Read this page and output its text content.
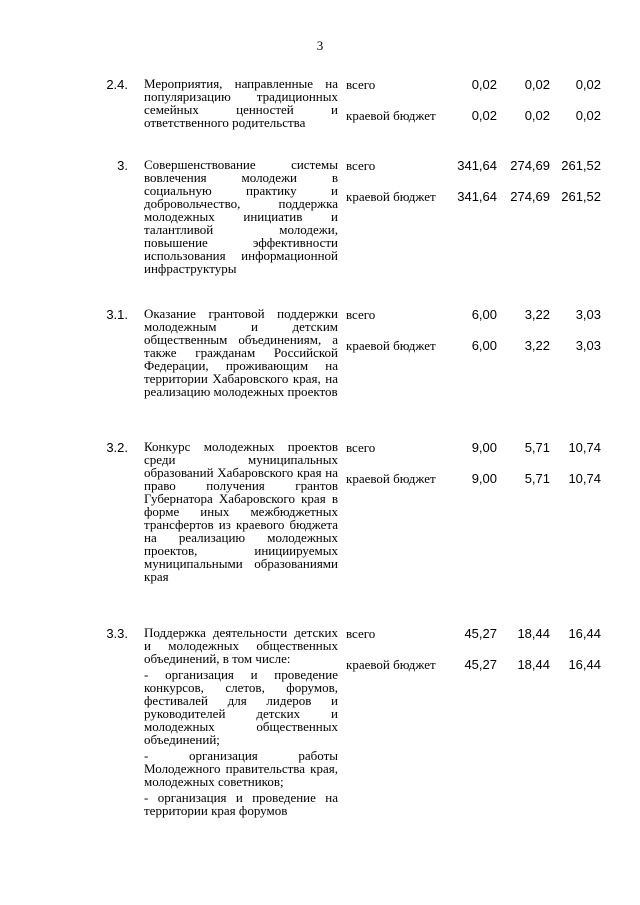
3
2.4. Мероприятия, направленные на популяризацию традиционных семейных ценностей и ответственного родительства

всего	0,02	0,02	0,02
краевой бюджет	0,02	0,02	0,02
3. Совершенствование системы вовлечения молодежи в социальную практику и добровольчество, поддержка молодежных инициатив и талантливой молодежи, повышение эффективности использования информационной инфраструктуры

всего	341,64	274,69 261,52
краевой бюджет	341,64	274,69 261,52
3.1. Оказание грантовой поддержки молодежным и детским общественным объединениям, а также гражданам Российской Федерации, проживающим на территории Хабаровского края, на реализацию молодежных проектов

всего	6,00	3,22	3,03
краевой бюджет	6,00	3,22	3,03
3.2. Конкурс молодежных проектов среди муниципальных образований Хабаровского края на право получения грантов Губернатора Хабаровского края в форме иных межбюджетных трансфертов из краевого бюджета на реализацию молодежных проектов, инициируемых муниципальными образованиями края

всего	9,00	5,71	10,74
краевой бюджет	9,00	5,71	10,74
3.3. Поддержка деятельности детских и молодежных общественных объединений, в том числе:

- организация и проведение конкурсов, слетов, форумов, фестивалей для лидеров и руководителей детских и молодежных общественных объединений;

- организация работы Молодежного правительства края, молодежных советников;

- организация и проведение на территории края форумов

всего	45,27	18,44	16,44
краевой бюджет	45,27	18,44	16,44
